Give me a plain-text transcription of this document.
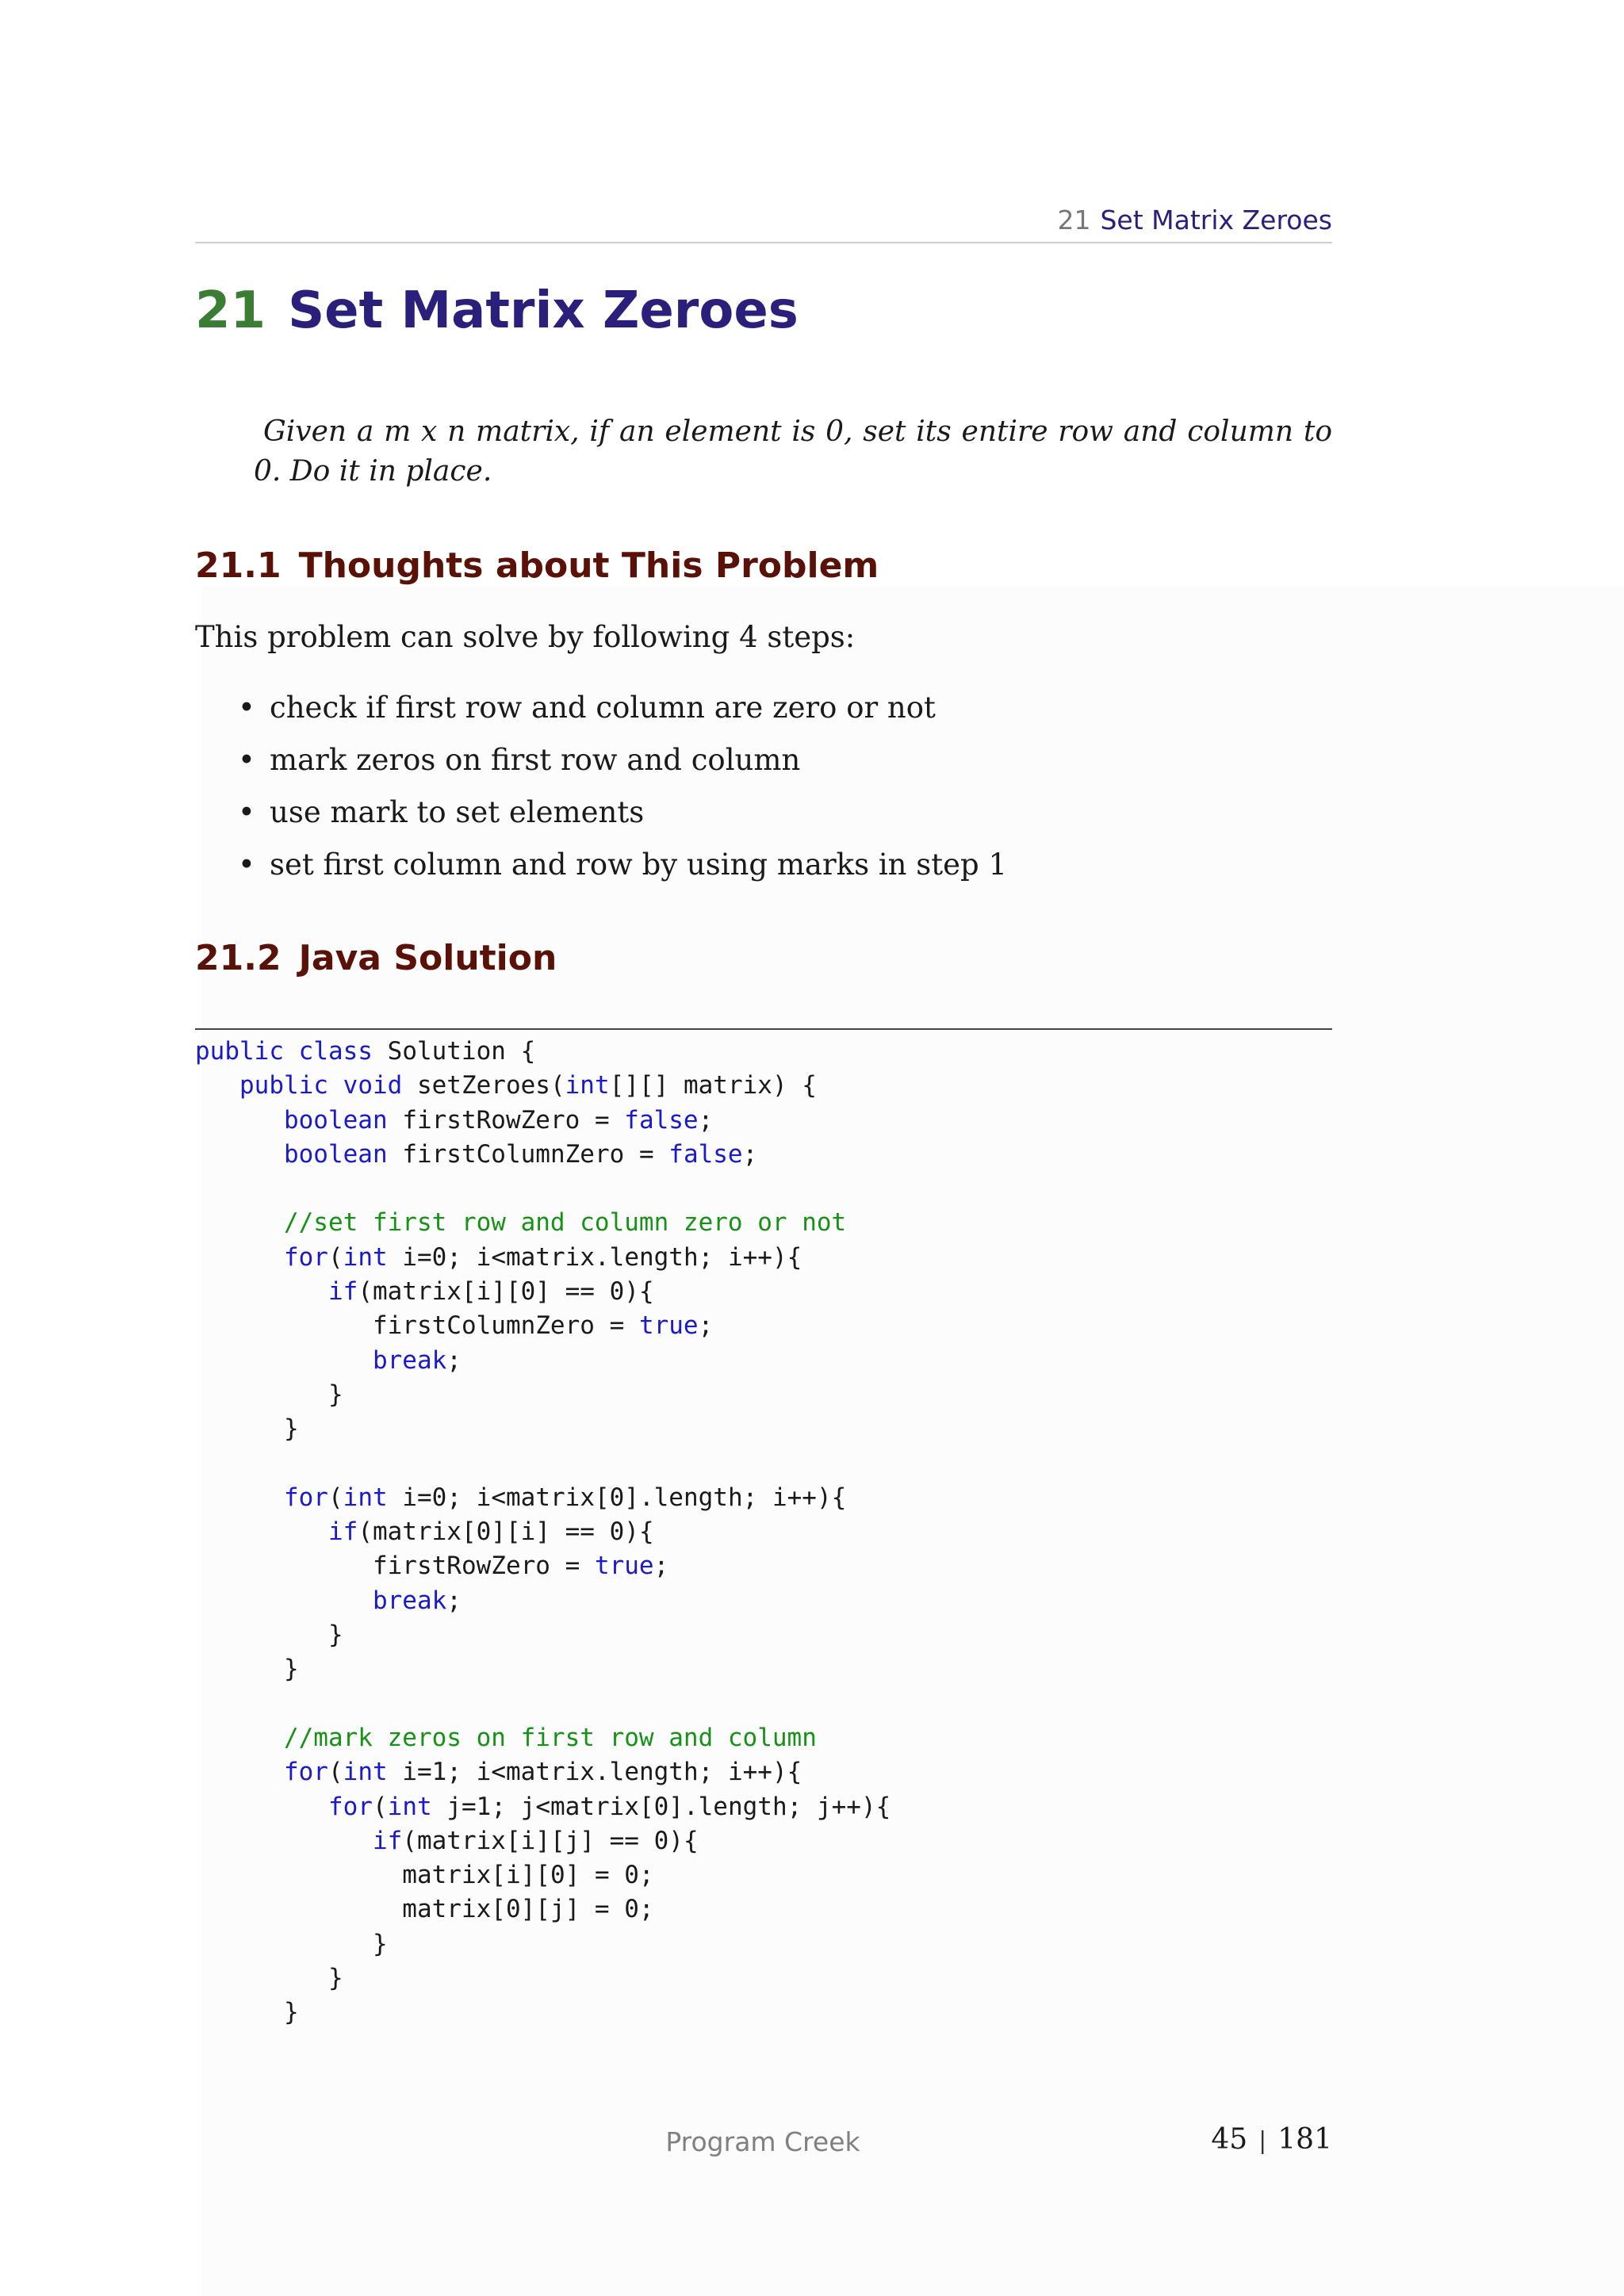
21 Set Matrix Zeroes
21 Set Matrix Zeroes
Given a m x n matrix, if an element is 0, set its entire row and column to 0. Do it in place.
21.1 Thoughts about This Problem
This problem can solve by following 4 steps:
• check if first row and column are zero or not
• mark zeros on first row and column
• use mark to set elements
• set first column and row by using marks in step 1
21.2 Java Solution
public class Solution {
public void setZeroes(int[][] matrix) {
boolean firstRowZero = false;
boolean firstColumnZero = false;

//set first row and column zero or not
for(int i=0; i<matrix.length; i++){
if(matrix[i][0] == 0){
firstColumnZero = true;
break;
}
}

for(int i=0; i<matrix[0].length; i++){
if(matrix[0][i] == 0){
firstRowZero = true;
break;
}
}

//mark zeros on first row and column
for(int i=1; i<matrix.length; i++){
for(int j=1; j<matrix[0].length; j++){
if(matrix[i][j] == 0){
matrix[i][0] = 0;
matrix[0][j] = 0;
}
}
}
Program Creek	45 | 181
